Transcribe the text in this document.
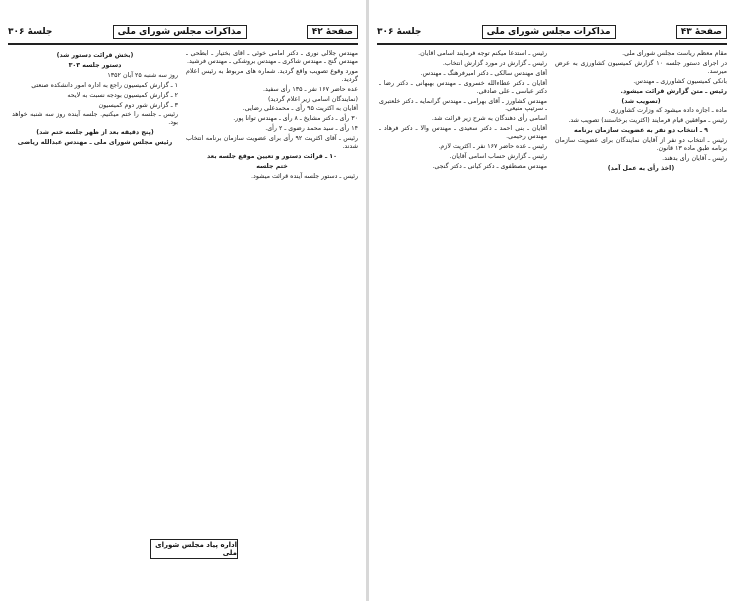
صفحهٔ ۴۲
مذاکرات مجلس شورای ملی
جلسهٔ ۳۰۶

مهندس جلالی نوری ـ دکتر امامی خوئی ـ آقای بختیار ـ ابطحی ـ مهندس گنج ـ مهندس شاکری ـ مهندس بروشکی ـ مهندس فرشید.

مورد وقوع تصویب واقع گردید. شماره های مربوط به رئیس اعلام گردید.

عده حاضر ۱۶۷ نفر ـ ۱۳۵ رأی سفید.

(نمایندگان اسامی زیر اعلام گردید)

آقایان به اکثریت ۹۵ رأی ـ محمدعلی رضایی.

۳۰ رأی ـ دکتر مشایخ ـ ۸ رأی ـ مهندس توانا پور.

۱۴ رأی ـ سید محمد رضوی ـ ۲ رأی.

رئیس ـ آقای اکثریت ۹۲ رأی برای عضویت سازمان برنامه انتخاب شدند.

۱۰ ـ قرائت دستور و تعیین موقع جلسه بعد

ختم جلسه

رئیس ـ دستور جلسه آینده قرائت میشود.

(بخش قرائت دستور شد)

دستور جلسه ۳۰۳

روز سه شنبه ۲۵ آبان ۱۳۵۲

۱ ـ گزارش کمیسیون راجع به اداره امور دانشکده صنعتی

۲ ـ گزارش کمیسیون بودجه نسبت به لایحه

۳ ـ گزارش شور دوم کمیسیون

رئیس ـ جلسه را ختم میکنیم. جلسه آینده روز سه شنبه خواهد بود.

(پنج دقیقه بعد از ظهر جلسه ختم شد)

رئیس مجلس شورای ملی ـ مهندس عبدالله ریاضی

اداره پیاد مجلس شورای ملی
صفحهٔ ۴۳
مذاکرات مجلس شورای ملی
جلسهٔ ۳۰۶

مقام معظم ریاست مجلس شورای ملی.

در اجرای دستور جلسه ۱۰ گزارش کمیسیون کشاورزی به عرض میرسد.

بانکی کمیسیون کشاورزی ـ مهندس.

رئیس ـ متن گزارش قرائت میشود.

(تصویب شد)

ماده ـ اجازه داده میشود که وزارت کشاورزی.

رئیس ـ موافقین قیام فرمایند (اکثریت برخاستند) تصویب شد.

۹ ـ انتخاب دو نفر به عضویت سازمان برنامه

رئیس ـ انتخاب دو نفر از آقایان نمایندگان برای عضویت سازمان برنامه طبق ماده ۱۳ قانون.

رئیس ـ آقایان رأی بدهند.

(اخذ رأی به عمل آمد)

رئیس ـ استدعا میکنم توجه فرمایند اسامی آقایان.

رئیس ـ گزارش در مورد گزارش انتخاب.

آقای مهندس سالکی ـ دکتر امیرفرهنگ ـ مهندس.

آقایان ـ دکتر عطاءالله خسروی ـ مهندس بهبهانی ـ دکتر رضا ـ دکتر عباسی ـ علی صادقی.

مهندس کشاورز ـ آقای بهرامی ـ مهندس گرانمایه ـ دکتر خلعتبری ـ سرتیپ منیعی.

اسامی رأی دهندگان به شرح زیر قرائت شد.

آقایان ـ بنی احمد ـ دکتر سعیدی ـ مهندس والا ـ دکتر فرهاد ـ مهندس رحیمی.

رئیس ـ عده حاضر ۱۶۷ نفر ـ اکثریت لازم.

رئیس ـ گزارش حساب اسامی آقایان.

مهندس مصطفوی ـ دکتر کیانی ـ دکتر گنجی.
